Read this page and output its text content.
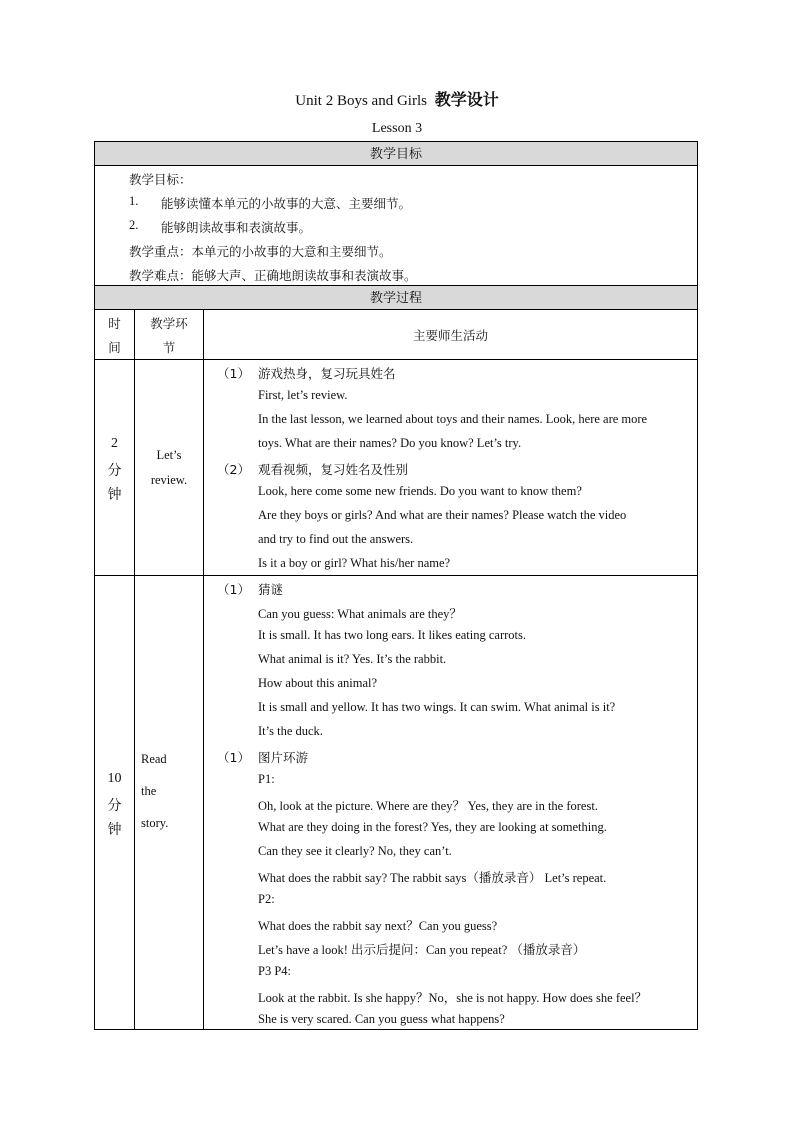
Unit 2 Boys and Girls 教学设计
Lesson 3
教学目标
教学过程
教学目标：
1. 能够读懂本单元的小故事的大意、主要细节。
2. 能够朗读故事和表演故事。
教学重点：本单元的小故事的大意和主要细节。
教学难点：能够大声、正确地朗读故事和表演故事。
时
间
教学环
节
主要师生活动
2
分
钟
Let’s
review.
（1） 游戏热身，复习玩具姓名
First, let’s review.
In the last lesson, we learned about toys and their names. Look, here are more
toys. What are their names? Do you know? Let’s try.
（2） 观看视频，复习姓名及性别
Look, here come some new friends. Do you want to know them?
Are they boys or girls? And what are their names? Please watch the video
and try to find out the answers.
Is it a boy or girl? What his/her name?
10
分
钟
Read
the
story.
（1） 猜谜
Can you guess: What animals are they？
It is small. It has two long ears. It likes eating carrots.
What animal is it? Yes. It’s the rabbit.
How about this animal?
It is small and yellow. It has two wings. It can swim. What animal is it?
It’s the duck.
（1） 图片环游
P1:
Oh, look at the picture. Where are they？ Yes, they are in the forest.
What are they doing in the forest? Yes, they are looking at something.
Can they see it clearly? No, they can’t.
What does the rabbit say? The rabbit says（播放录音） Let’s repeat.
P2:
What does the rabbit say next？Can you guess?
Let’s have a look! 出示后提问：Can you repeat? （播放录音）
P3 P4:
Look at the rabbit. Is she happy？No，she is not happy. How does she feel？
She is very scared. Can you guess what happens?
